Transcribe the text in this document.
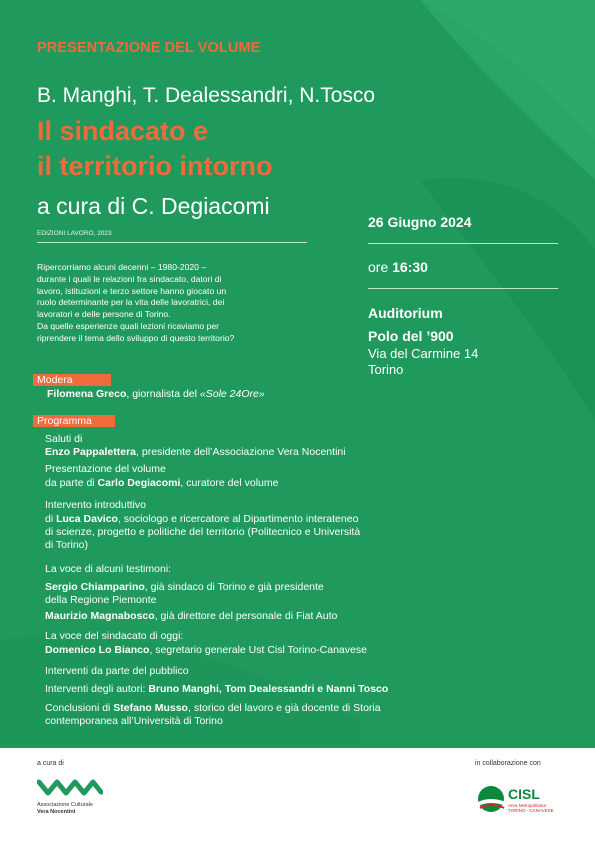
PRESENTAZIONE DEL VOLUME
B. Manghi, T. Dealessandri, N.Tosco
Il sindacato e
il territorio intorno
a cura di C. Degiacomi
EDIZIONI LAVORO, 2023
Ripercorriamo alcuni decenni – 1980-2020 –
durante i quali le relazioni fra sindacato, datori di
lavoro, istituzioni e terzo settore hanno giocato un
ruolo determinante per la vita delle lavoratrici, dei
lavoratori e delle persone di Torino.
Da quelle esperienze quali lezioni ricaviamo per
riprendere il tema dello sviluppo di questo territorio?
26 Giugno 2024
ore 16:30
Auditorium
Polo del ’900
Via del Carmine 14
Torino
Modera
Filomena Greco, giornalista del «Sole 24Ore»
Programma
Saluti di
Enzo Pappalettera, presidente dell’Associazione Vera Nocentini
Presentazione del volume
da parte di Carlo Degiacomi, curatore del volume
Intervento introduttivo
di Luca Davico, sociologo e ricercatore al Dipartimento interateneo
di scienze, progetto e politiche del territorio (Politecnico e Università
di Torino)
La voce di alcuni testimoni:
Sergio Chiamparino, già sindaco di Torino e già presidente
della Regione Piemonte
Maurizio Magnabosco, già direttore del personale di Fiat Auto
La voce del sindacato di oggi:
Domenico Lo Bianco, segretario generale Ust Cisl Torino-Canavese
Interventi da parte del pubblico
Interventi degli autori: Bruno Manghi, Tom Dealessandri e Nanni Tosco
Conclusioni di Stefano Musso, storico del lavoro e già docente di Storia
contemporanea all’Università di Torino
a cura di	in collaborazione con
Associazione Culturale
Vera Nocentini
CISL
Area Metropolitana
TORINO - CANAVESE
